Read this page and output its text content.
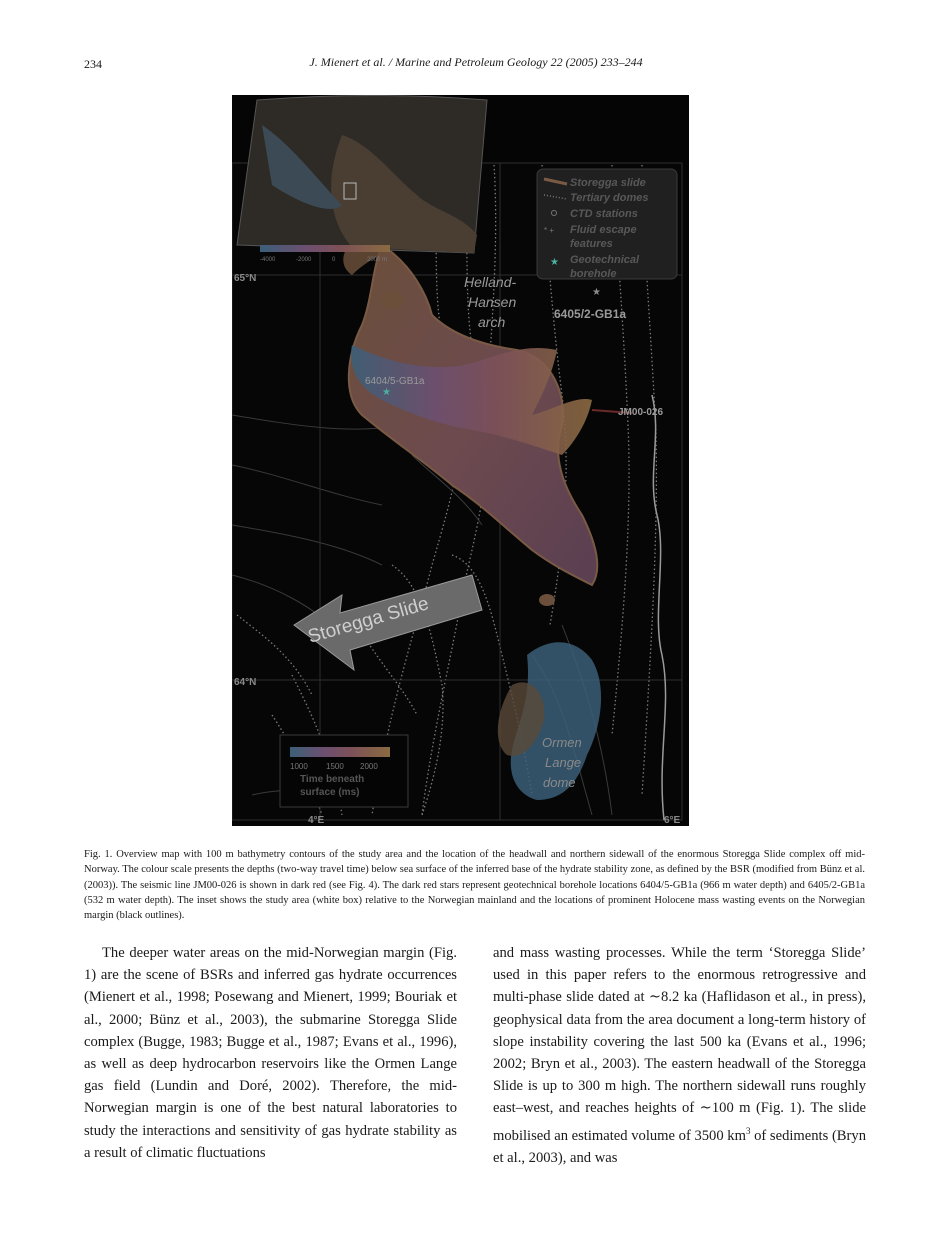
234	J. Mienert et al. / Marine and Petroleum Geology 22 (2005) 233–244
★
★
Storegga Slide
65°N
64°N
4°E	6°E
Helland-
Hansen
arch	6405/2-GB1a
6404/5-GB1a
JM00-026
Ormen
Lange
dome
Storegga slide
Tertiary domes
CTD stations
* + Fluid escape
features
★ Geotechnical
borehole
-4000	-2000	0	2000 m
1000 1500 2000
Time beneath
surface (ms)
Fig. 1. Overview map with 100 m bathymetry contours of the study area and the location of the headwall and northern sidewall of the enormous Storegga Slide complex off mid-Norway. The colour scale presents the depths (two-way travel time) below sea surface of the inferred base of the hydrate stability zone, as defined by the BSR (modified from Bünz et al. (2003)). The seismic line JM00-026 is shown in dark red (see Fig. 4). The dark red stars represent geotechnical borehole locations 6404/5-GB1a (966 m water depth) and 6405/2-GB1a (532 m water depth). The inset shows the study area (white box) relative to the Norwegian mainland and the locations of prominent Holocene mass wasting events on the Norwegian margin (black outlines).

The deeper water areas on the mid-Norwegian margin (Fig. 1) are the scene of BSRs and inferred gas hydrate occurrences (Mienert et al., 1998; Posewang and Mienert, 1999; Bouriak et al., 2000; Bünz et al., 2003), the submarine Storegga Slide complex (Bugge, 1983; Bugge et al., 1987; Evans et al., 1996), as well as deep hydrocarbon reservoirs like the Ormen Lange gas field (Lundin and Doré, 2002). Therefore, the mid-Norwegian margin is one of the best natural laboratories to study the interactions and sensitivity of gas hydrate stability as a result of climatic fluctuations

and mass wasting processes. While the term ‘Storegga Slide’ used in this paper refers to the enormous retrogressive and multi-phase slide dated at ∼8.2 ka (Haflidason et al., in press), geophysical data from the area document a long-term history of slope instability covering the last 500 ka (Evans et al., 1996; 2002; Bryn et al., 2003). The eastern headwall of the Storegga Slide is up to 300 m high. The northern sidewall runs roughly east–west, and reaches heights of ∼100 m (Fig. 1). The slide mobilised an estimated volume of 3500 $km^3$ of sediments (Bryn et al., 2003), and was
